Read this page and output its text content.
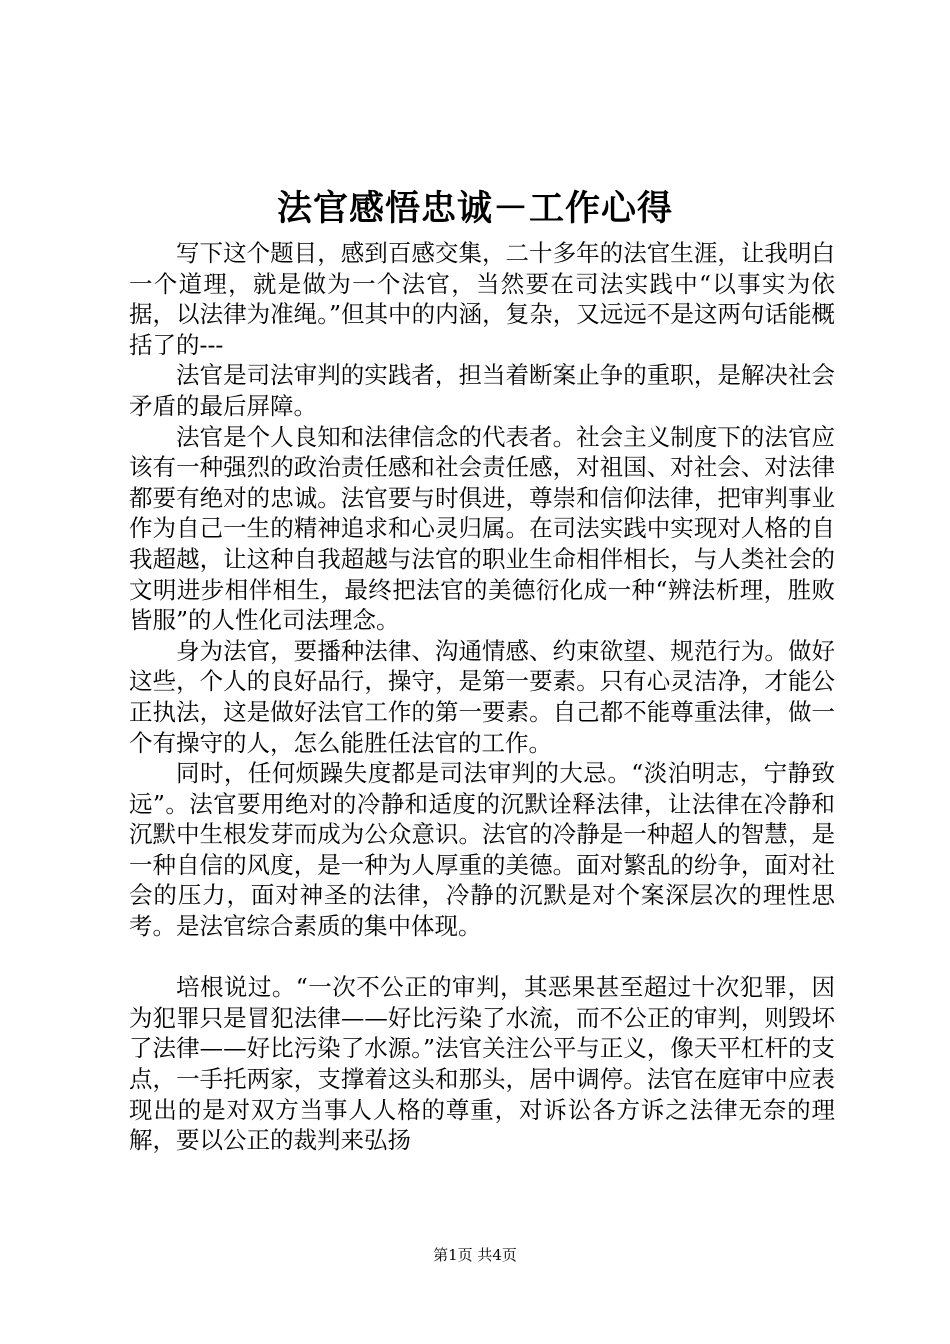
法官感悟忠诚－工作心得

写下这个题目，感到百感交集，二十多年的法官生涯，让我明白一个道理，就是做为一个法官，当然要在司法实践中“以事实为依据，以法律为准绳。”但其中的内涵，复杂，又远远不是这两句话能概括了的---

法官是司法审判的实践者，担当着断案止争的重职，是解决社会矛盾的最后屏障。

法官是个人良知和法律信念的代表者。社会主义制度下的法官应该有一种强烈的政治责任感和社会责任感，对祖国、对社会、对法律都要有绝对的忠诚。法官要与时俱进，尊崇和信仰法律，把审判事业作为自己一生的精神追求和心灵归属。在司法实践中实现对人格的自我超越，让这种自我超越与法官的职业生命相伴相长，与人类社会的文明进步相伴相生，最终把法官的美德衍化成一种“辨法析理，胜败皆服”的人性化司法理念。

身为法官，要播种法律、沟通情感、约束欲望、规范行为。做好这些，个人的良好品行，操守，是第一要素。只有心灵洁净，才能公正执法，这是做好法官工作的第一要素。自己都不能尊重法律，做一个有操守的人，怎么能胜任法官的工作。

同时，任何烦躁失度都是司法审判的大忌。“淡泊明志，宁静致远”。法官要用绝对的冷静和适度的沉默诠释法律，让法律在冷静和沉默中生根发芽而成为公众意识。法官的冷静是一种超人的智慧，是一种自信的风度，是一种为人厚重的美德。面对繁乱的纷争，面对社会的压力，面对神圣的法律，冷静的沉默是对个案深层次的理性思考。是法官综合素质的集中体现。

培根说过。“一次不公正的审判，其恶果甚至超过十次犯罪，因为犯罪只是冒犯法律——好比污染了水流，而不公正的审判，则毁坏了法律——好比污染了水源。”法官关注公平与正义，像天平杠杆的支点，一手托两家，支撑着这头和那头，居中调停。法官在庭审中应表现出的是对双方当事人人格的尊重，对诉讼各方诉之法律无奈的理解，要以公正的裁判来弘扬

第1页 共4页
